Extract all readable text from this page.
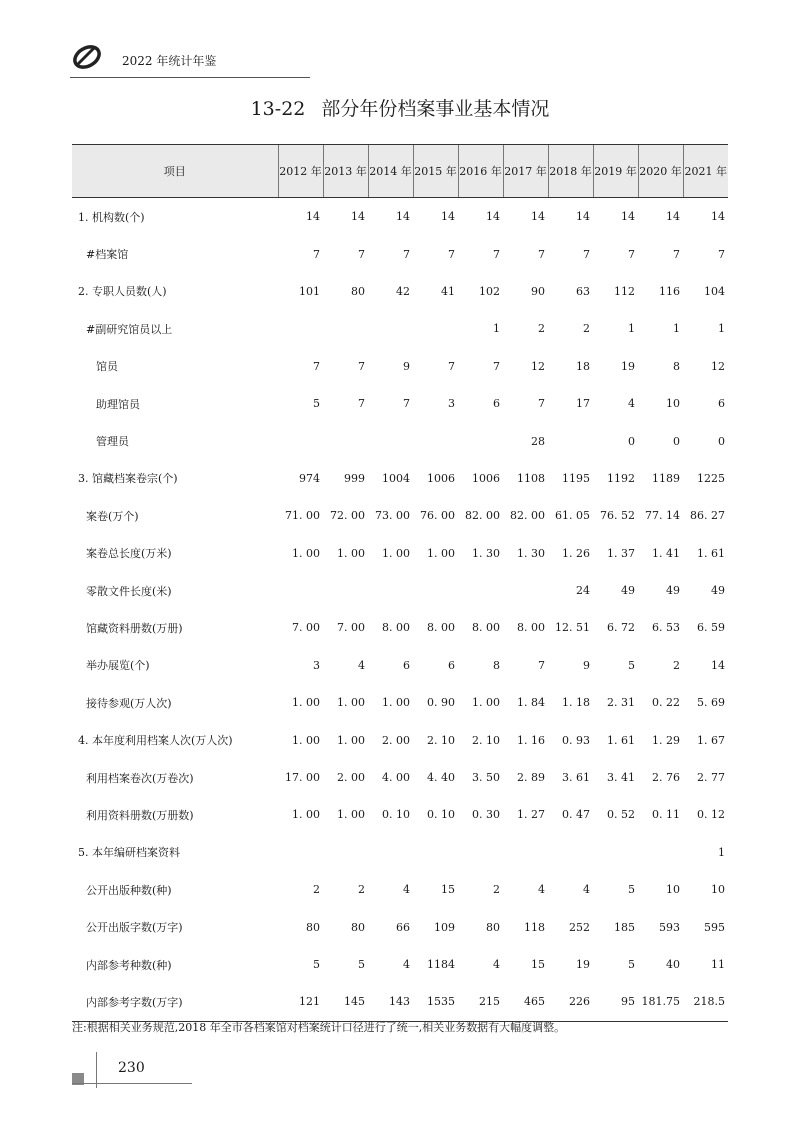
2022 年统计年鉴
13-22 部分年份档案事业基本情况
项目	2012 年	2013 年	2014 年	2015 年	2016 年	2017 年	2018 年	2019 年	2020 年	2021 年
1. 机构数(个)	14	14	14	14	14	14	14	14	14	14
#档案馆	7	7	7	7	7	7	7	7	7	7
2. 专职人员数(人)	101	80	42	41	102	90	63	112	116	104
#副研究馆员以上					1	2	2	1	1	1
馆员	7	7	9	7	7	12	18	19	8	12
助理馆员	5	7	7	3	6	7	17	4	10	6
管理员						28		0	0	0
3. 馆藏档案卷宗(个)	974	999	1004	1006	1006	1108	1195	1192	1189	1225
案卷(万个)	71. 00	72. 00	73. 00	76. 00	82. 00	82. 00	61. 05	76. 52	77. 14	86. 27
案卷总长度(万米)	1. 00	1. 00	1. 00	1. 00	1. 30	1. 30	1. 26	1. 37	1. 41	1. 61
零散文件长度(米)							24	49	49	49
馆藏资料册数(万册)	7. 00	7. 00	8. 00	8. 00	8. 00	8. 00	12. 51	6. 72	6. 53	6. 59
举办展览(个)	3	4	6	6	8	7	9	5	2	14
接待参观(万人次)	1. 00	1. 00	1. 00	0. 90	1. 00	1. 84	1. 18	2. 31	0. 22	5. 69
4. 本年度利用档案人次(万人次)	1. 00	1. 00	2. 00	2. 10	2. 10	1. 16	0. 93	1. 61	1. 29	1. 67
利用档案卷次(万卷次)	17. 00	2. 00	4. 00	4. 40	3. 50	2. 89	3. 61	3. 41	2. 76	2. 77
利用资料册数(万册数)	1. 00	1. 00	0. 10	0. 10	0. 30	1. 27	0. 47	0. 52	0. 11	0. 12
5. 本年编研档案资料										1
公开出版种数(种)	2	2	4	15	2	4	4	5	10	10
公开出版字数(万字)	80	80	66	109	80	118	252	185	593	595
内部参考种数(种)	5	5	4	1184	4	15	19	5	40	11
内部参考字数(万字)	121	145	143	1535	215	465	226	95	181.75	218.5
注:根据相关业务规范,2018 年全市各档案馆对档案统计口径进行了统一,相关业务数据有大幅度调整。
230
